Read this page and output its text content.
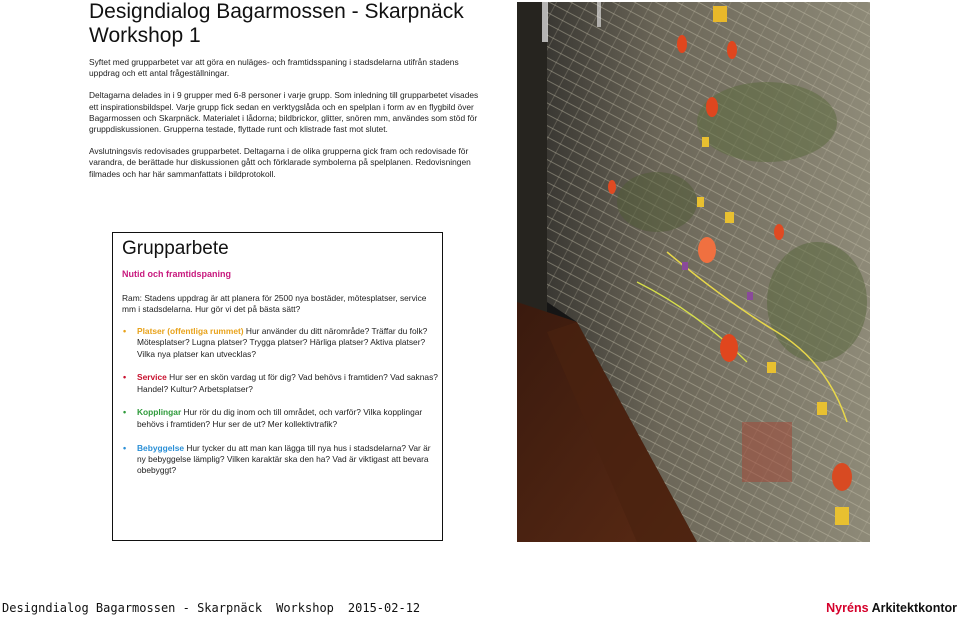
Designdialog Bagarmossen - Skarpnäck
Workshop 1

Syftet med grupparbetet var att göra en nuläges- och framtidsspaning i stadsdelarna utifrån stadens uppdrag och ett antal frågeställningar.

Deltagarna delades in i 9 grupper med 6-8 personer i varje grupp. Som inledning till grupparbetet visades ett inspirationsbildspel. Varje grupp fick sedan en verktygslåda och en spelplan i form av en flygbild över Bagarmossen och Skarpnäck. Materialet i lådorna; bildbrickor, glitter, snören mm, användes som stöd för gruppdiskussionen. Grupperna testade, flyttade runt och klistrade fast mot slutet.

Avslutningsvis redovisades grupparbetet. Deltagarna i de olika grupperna gick fram och redovisade för varandra, de berättade hur diskussionen gått och förklarade symbolerna på spelplanen. Redovisningen filmades och har här sammanfattats i bildprotokoll.

Grupparbete
Nutid och framtidspaning
Ram: Stadens uppdrag är att planera för 2500 nya bostäder, mötesplatser, service mm i stadsdelarna. Hur gör vi det på bästa sätt?
• Platser (offentliga rummet) Hur använder du ditt närområde? Träffar du folk? Mötesplatser? Lugna platser? Trygga platser? Härliga platser? Aktiva platser? Vilka nya platser kan utvecklas?
• Service Hur ser en skön vardag ut för dig? Vad behövs i framtiden? Vad saknas? Handel? Kultur? Arbetsplatser?
• Kopplingar Hur rör du dig inom och till området, och varför? Vilka kopplingar behövs i framtiden? Hur ser de ut? Mer kollektivtrafik?
• Bebyggelse Hur tycker du att man kan lägga till nya hus i stadsdelarna? Var är ny bebyggelse lämplig? Vilken karaktär ska den ha? Vad är viktigast att bevara obebyggt?
Designdialog Bagarmossen - Skarpnäck Workshop 2015-02-12	Nyréns Arkitektkontor
